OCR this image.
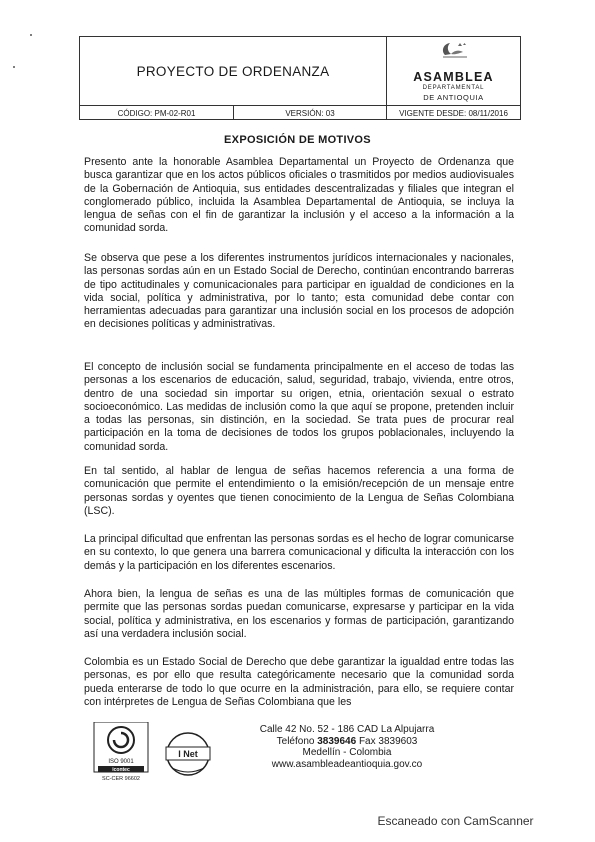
PROYECTO DE ORDENANZA	ASAMBLEA
DEPARTAMENTAL
DE ANTIOQUIA
CÓDIGO: PM-02-R01	VERSIÓN: 03	VIGENTE DESDE: 08/11/2016
EXPOSICIÓN DE MOTIVOS

Presento ante la honorable Asamblea Departamental un Proyecto de Ordenanza que busca garantizar que en los actos públicos oficiales o trasmitidos por medios audiovisuales de la Gobernación de Antioquia, sus entidades descentralizadas y filiales que integran el conglomerado público, incluida la Asamblea Departamental de Antioquia, se incluya la lengua de señas con el fin de garantizar la inclusión y el acceso a la información a la comunidad sorda.

Se observa que pese a los diferentes instrumentos jurídicos internacionales y nacionales, las personas sordas aún en un Estado Social de Derecho, continúan encontrando barreras de tipo actitudinales y comunicacionales para participar en igualdad de condiciones en la vida social, política y administrativa, por lo tanto; esta comunidad debe contar con herramientas adecuadas para garantizar una inclusión social en los procesos de adopción en decisiones políticas y administrativas.

El concepto de inclusión social se fundamenta principalmente en el acceso de todas las personas a los escenarios de educación, salud, seguridad, trabajo, vivienda, entre otros, dentro de una sociedad sin importar su origen, etnia, orientación sexual o estrato socioeconómico. Las medidas de inclusión como la que aquí se propone, pretenden incluir a todas las personas, sin distinción, en la sociedad. Se trata pues de procurar real participación en la toma de decisiones de todos los grupos poblacionales, incluyendo la comunidad sorda.

En tal sentido, al hablar de lengua de señas hacemos referencia a una forma de comunicación que permite el entendimiento o la emisión/recepción de un mensaje entre personas sordas y oyentes que tienen conocimiento de la Lengua de Señas Colombiana (LSC).

La principal dificultad que enfrentan las personas sordas es el hecho de lograr comunicarse en su contexto, lo que genera una barrera comunicacional y dificulta la interacción con los demás y la participación en los diferentes escenarios.

Ahora bien, la lengua de señas es una de las múltiples formas de comunicación que permite que las personas sordas puedan comunicarse, expresarse y participar en la vida social, política y administrativa, en los escenarios y formas de participación, garantizando así una verdadera inclusión social.

Colombia es un Estado Social de Derecho que debe garantizar la igualdad entre todas las personas, es por ello que resulta categóricamente necesario que la comunidad sorda pueda enterarse de todo lo que ocurre en la administración, para ello, se requiere contar con intérpretes de Lengua de Señas Colombiana que les

ISO 9001
icontec
SC-CER 96602
I Net
Calle 42 No. 52 - 186 CAD La Alpujarra
Teléfono 3839646 Fax 3839603
Medellín - Colombia
www.asambleadeantioquia.gov.co
Escaneado con CamScanner
